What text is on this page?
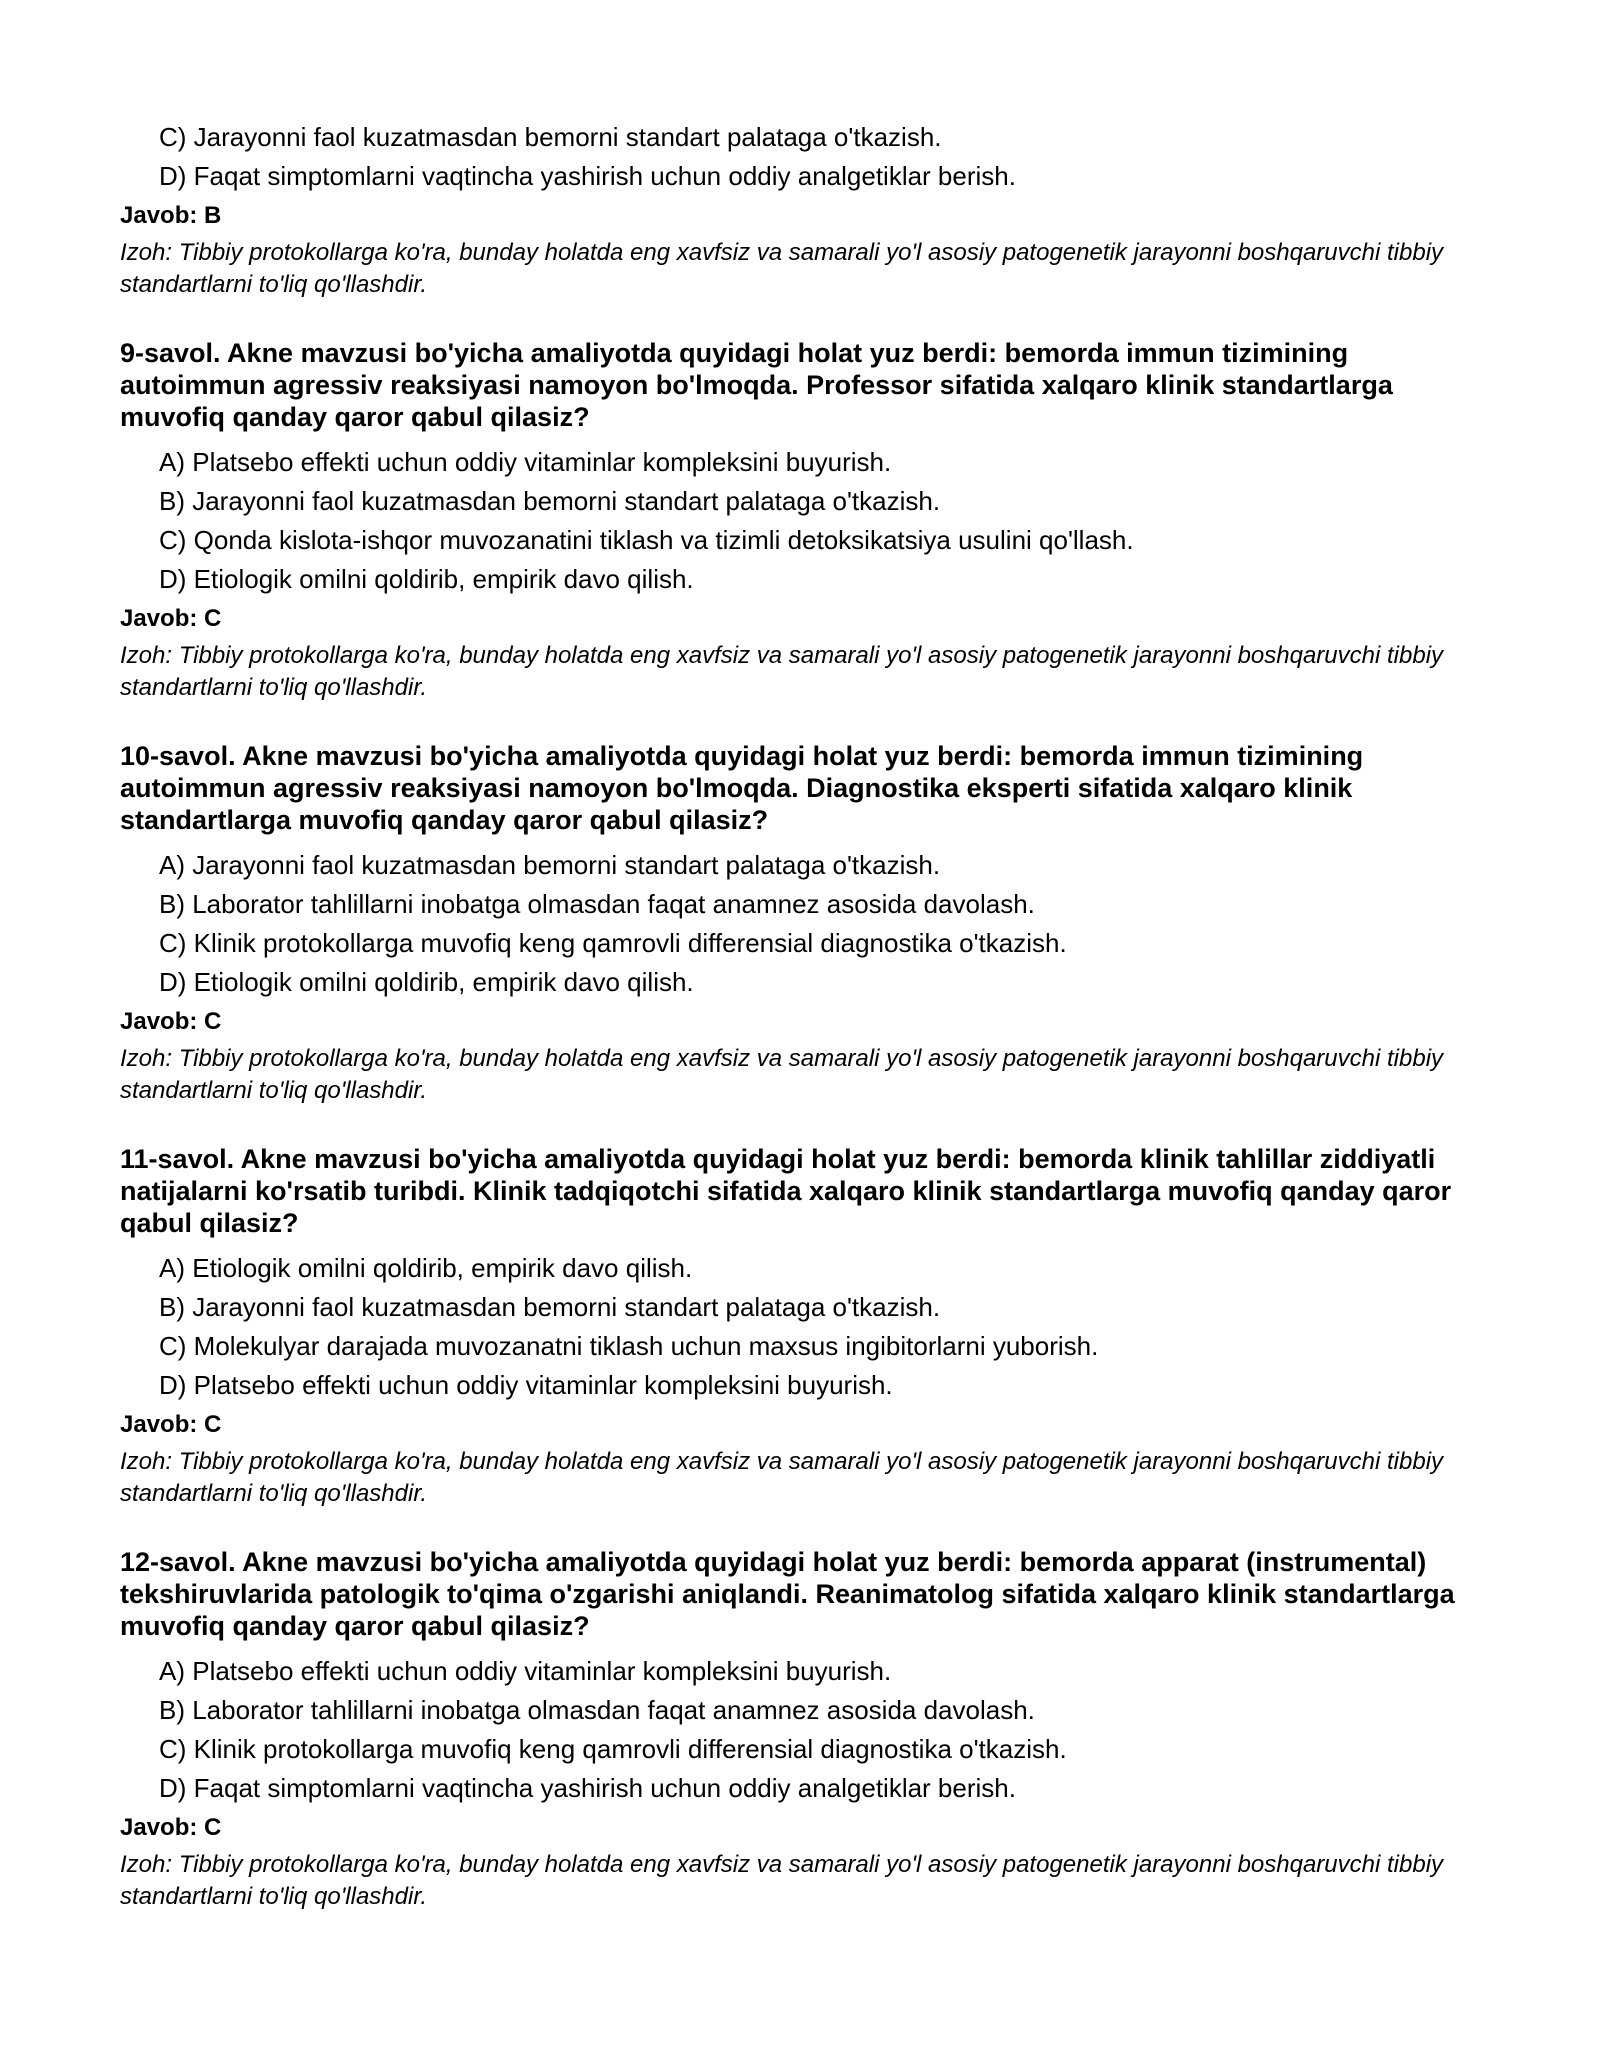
C) Jarayonni faol kuzatmasdan bemorni standart palataga o'tkazish.
D) Faqat simptomlarni vaqtincha yashirish uchun oddiy analgetiklar berish.
Javob: B
Izoh: Tibbiy protokollarga ko'ra, bunday holatda eng xavfsiz va samarali yo'l asosiy patogenetik jarayonni boshqaruvchi tibbiy standartlarni to'liq qo'llashdir.
9-savol. Akne mavzusi bo'yicha amaliyotda quyidagi holat yuz berdi: bemorda immun tizimining autoimmun agressiv reaksiyasi namoyon bo'lmoqda. Professor sifatida xalqaro klinik standartlarga muvofiq qanday qaror qabul qilasiz?
A) Platsebo effekti uchun oddiy vitaminlar kompleksini buyurish.
B) Jarayonni faol kuzatmasdan bemorni standart palataga o'tkazish.
C) Qonda kislota-ishqor muvozanatini tiklash va tizimli detoksikatsiya usulini qo'llash.
D) Etiologik omilni qoldirib, empirik davo qilish.
Javob: C
Izoh: Tibbiy protokollarga ko'ra, bunday holatda eng xavfsiz va samarali yo'l asosiy patogenetik jarayonni boshqaruvchi tibbiy standartlarni to'liq qo'llashdir.
10-savol. Akne mavzusi bo'yicha amaliyotda quyidagi holat yuz berdi: bemorda immun tizimining autoimmun agressiv reaksiyasi namoyon bo'lmoqda. Diagnostika eksperti sifatida xalqaro klinik standartlarga muvofiq qanday qaror qabul qilasiz?
A) Jarayonni faol kuzatmasdan bemorni standart palataga o'tkazish.
B) Laborator tahlillarni inobatga olmasdan faqat anamnez asosida davolash.
C) Klinik protokollarga muvofiq keng qamrovli differensial diagnostika o'tkazish.
D) Etiologik omilni qoldirib, empirik davo qilish.
Javob: C
Izoh: Tibbiy protokollarga ko'ra, bunday holatda eng xavfsiz va samarali yo'l asosiy patogenetik jarayonni boshqaruvchi tibbiy standartlarni to'liq qo'llashdir.
11-savol. Akne mavzusi bo'yicha amaliyotda quyidagi holat yuz berdi: bemorda klinik tahlillar ziddiyatli natijalarni ko'rsatib turibdi. Klinik tadqiqotchi sifatida xalqaro klinik standartlarga muvofiq qanday qaror qabul qilasiz?
A) Etiologik omilni qoldirib, empirik davo qilish.
B) Jarayonni faol kuzatmasdan bemorni standart palataga o'tkazish.
C) Molekulyar darajada muvozanatni tiklash uchun maxsus ingibitorlarni yuborish.
D) Platsebo effekti uchun oddiy vitaminlar kompleksini buyurish.
Javob: C
Izoh: Tibbiy protokollarga ko'ra, bunday holatda eng xavfsiz va samarali yo'l asosiy patogenetik jarayonni boshqaruvchi tibbiy standartlarni to'liq qo'llashdir.
12-savol. Akne mavzusi bo'yicha amaliyotda quyidagi holat yuz berdi: bemorda apparat (instrumental) tekshiruvlarida patologik to'qima o'zgarishi aniqlandi. Reanimatolog sifatida xalqaro klinik standartlarga muvofiq qanday qaror qabul qilasiz?
A) Platsebo effekti uchun oddiy vitaminlar kompleksini buyurish.
B) Laborator tahlillarni inobatga olmasdan faqat anamnez asosida davolash.
C) Klinik protokollarga muvofiq keng qamrovli differensial diagnostika o'tkazish.
D) Faqat simptomlarni vaqtincha yashirish uchun oddiy analgetiklar berish.
Javob: C
Izoh: Tibbiy protokollarga ko'ra, bunday holatda eng xavfsiz va samarali yo'l asosiy patogenetik jarayonni boshqaruvchi tibbiy standartlarni to'liq qo'llashdir.
